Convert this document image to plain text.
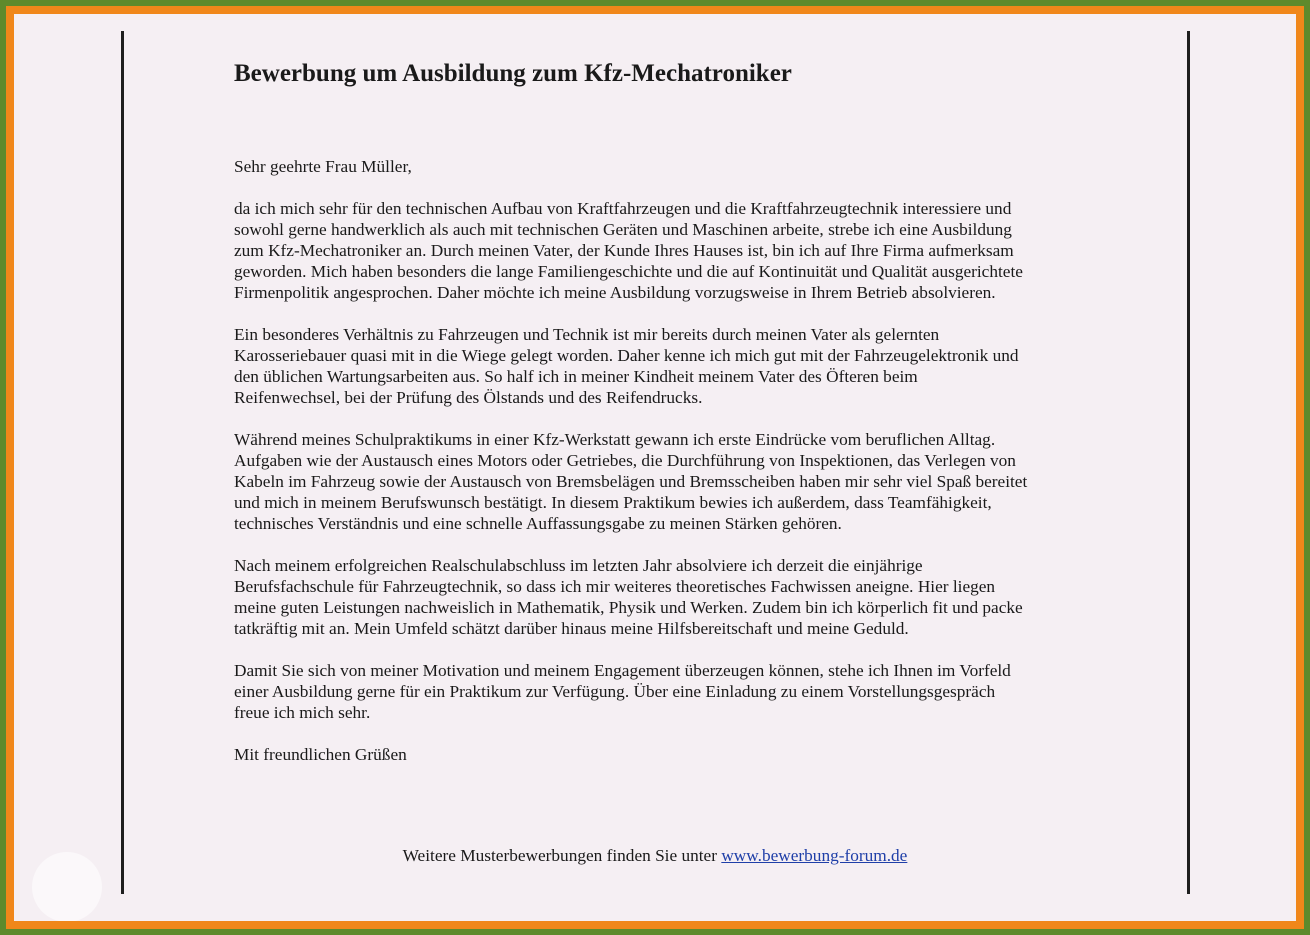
Bewerbung um Ausbildung zum Kfz-Mechatroniker

Sehr geehrte Frau Müller,

da ich mich sehr für den technischen Aufbau von Kraftfahrzeugen und die Kraftfahrzeugtechnik interessiere und
sowohl gerne handwerklich als auch mit technischen Geräten und Maschinen arbeite, strebe ich eine Ausbildung
zum Kfz-Mechatroniker an. Durch meinen Vater, der Kunde Ihres Hauses ist, bin ich auf Ihre Firma aufmerksam
geworden. Mich haben besonders die lange Familiengeschichte und die auf Kontinuität und Qualität ausgerichtete
Firmenpolitik angesprochen. Daher möchte ich meine Ausbildung vorzugsweise in Ihrem Betrieb absolvieren.

Ein besonderes Verhältnis zu Fahrzeugen und Technik ist mir bereits durch meinen Vater als gelernten
Karosseriebauer quasi mit in die Wiege gelegt worden. Daher kenne ich mich gut mit der Fahrzeugelektronik und
den üblichen Wartungsarbeiten aus. So half ich in meiner Kindheit meinem Vater des Öfteren beim
Reifenwechsel, bei der Prüfung des Ölstands und des Reifendrucks.

Während meines Schulpraktikums in einer Kfz-Werkstatt gewann ich erste Eindrücke vom beruflichen Alltag.
Aufgaben wie der Austausch eines Motors oder Getriebes, die Durchführung von Inspektionen, das Verlegen von
Kabeln im Fahrzeug sowie der Austausch von Bremsbelägen und Bremsscheiben haben mir sehr viel Spaß bereitet
und mich in meinem Berufswunsch bestätigt. In diesem Praktikum bewies ich außerdem, dass Teamfähigkeit,
technisches Verständnis und eine schnelle Auffassungsgabe zu meinen Stärken gehören.

Nach meinem erfolgreichen Realschulabschluss im letzten Jahr absolviere ich derzeit die einjährige
Berufsfachschule für Fahrzeugtechnik, so dass ich mir weiteres theoretisches Fachwissen aneigne. Hier liegen
meine guten Leistungen nachweislich in Mathematik, Physik und Werken. Zudem bin ich körperlich fit und packe
tatkräftig mit an. Mein Umfeld schätzt darüber hinaus meine Hilfsbereitschaft und meine Geduld.

Damit Sie sich von meiner Motivation und meinem Engagement überzeugen können, stehe ich Ihnen im Vorfeld
einer Ausbildung gerne für ein Praktikum zur Verfügung. Über eine Einladung zu einem Vorstellungsgespräch
freue ich mich sehr.

Mit freundlichen Grüßen

Weitere Musterbewerbungen finden Sie unter www.bewerbung-forum.de
